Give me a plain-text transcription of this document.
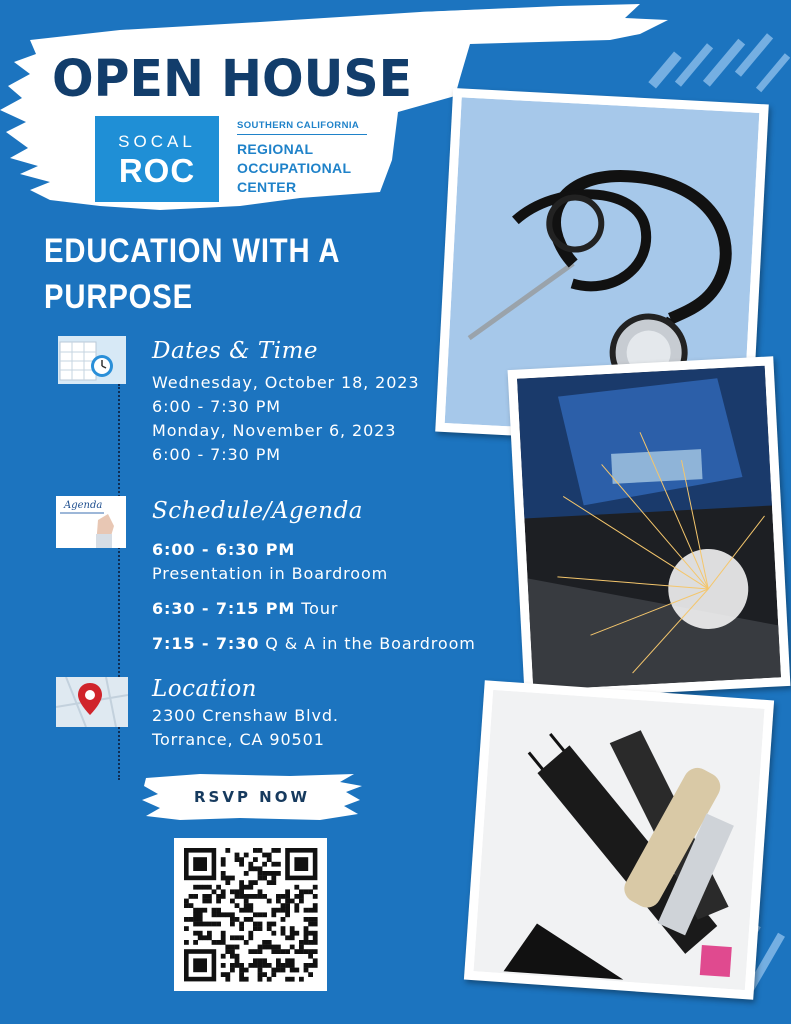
OPEN HOUSE
SOCAL
ROC
SOUTHERN CALIFORNIA
REGIONAL
OCCUPATIONAL
CENTER
EDUCATION WITH A
PURPOSE
Dates & Time
Wednesday, October 18, 2023
6:00 - 7:30 PM
Monday, November 6, 2023
6:00 - 7:30 PM
Agenda Schedule/Agenda
6:00 - 6:30 PM
Presentation in Boardroom
6:30 - 7:15 PM Tour
7:15 - 7:30 Q & A in the Boardroom
Location
2300 Crenshaw Blvd.
Torrance, CA 90501
RSVP NOW
